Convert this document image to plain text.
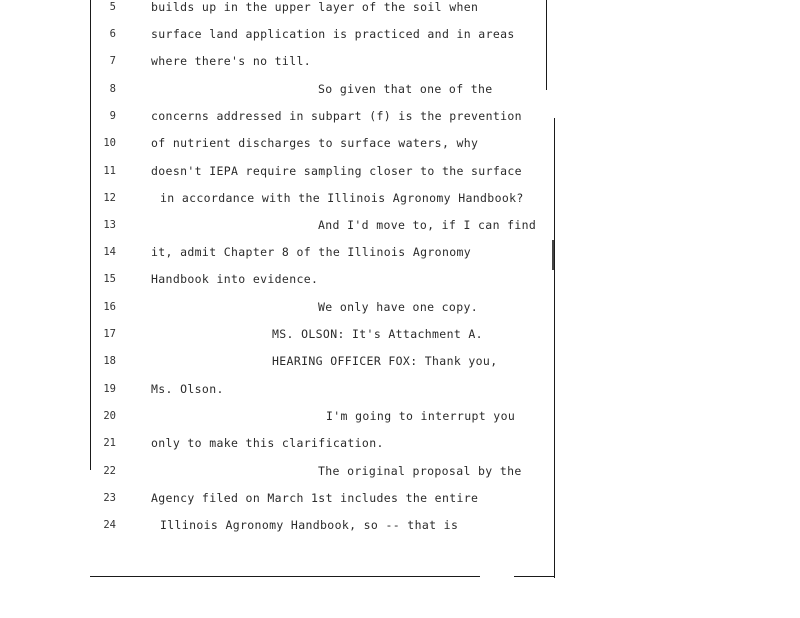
5	builds up in the upper layer of the soil when
6	surface land application is practiced and in areas
7	where there's no till.
8	So given that one of the
9	concerns addressed in subpart (f) is the prevention
10	of nutrient discharges to surface waters, why
11	doesn't IEPA require sampling closer to the surface
12	in accordance with the Illinois Agronomy Handbook?
13	And I'd move to, if I can find
14	it, admit Chapter 8 of the Illinois Agronomy
15	Handbook into evidence.
16	We only have one copy.
17	MS. OLSON: It's Attachment A.
18	HEARING OFFICER FOX: Thank you,
19	Ms. Olson.
20	I'm going to interrupt you
21	only to make this clarification.
22	The original proposal by the
23	Agency filed on March 1st includes the entire
24	Illinois Agronomy Handbook, so -- that is
